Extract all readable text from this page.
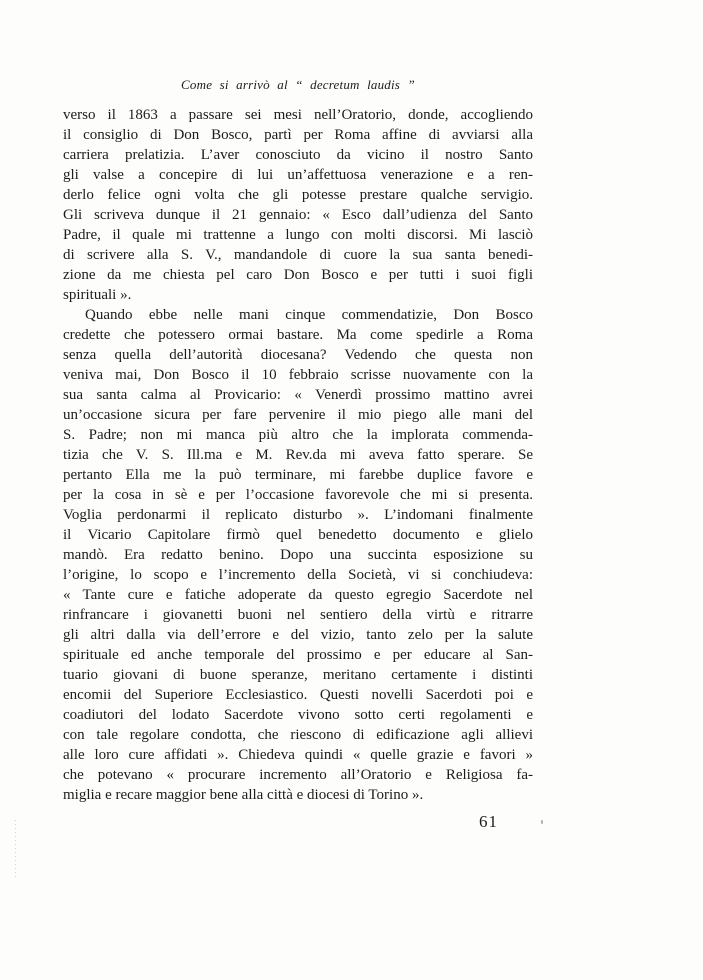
Come si arrivò al “ decretum laudis ”
verso il 1863 a passare sei mesi nell’Oratorio, donde, accogliendo
il consiglio di Don Bosco, partì per Roma affine di avviarsi alla
carriera prelatizia. L’aver conosciuto da vicino il nostro Santo
gli valse a concepire di lui un’affettuosa venerazione e a ren-
derlo felice ogni volta che gli potesse prestare qualche servigio.
Gli scriveva dunque il 21 gennaio: « Esco dall’udienza del Santo
Padre, il quale mi trattenne a lungo con molti discorsi. Mi lasciò
di scrivere alla S. V., mandandole di cuore la sua santa benedi-
zione da me chiesta pel caro Don Bosco e per tutti i suoi figli
spirituali ».
Quando ebbe nelle mani cinque commendatizie, Don Bosco
credette che potessero ormai bastare. Ma come spedirle a Roma
senza quella dell’autorità diocesana? Vedendo che questa non
veniva mai, Don Bosco il 10 febbraio scrisse nuovamente con la
sua santa calma al Provicario: « Venerdì prossimo mattino avrei
un’occasione sicura per fare pervenire il mio piego alle mani del
S. Padre; non mi manca più altro che la implorata commenda-
tizia che V. S. Ill.ma e M. Rev.da mi aveva fatto sperare. Se
pertanto Ella me la può terminare, mi farebbe duplice favore e
per la cosa in sè e per l’occasione favorevole che mi si presenta.
Voglia perdonarmi il replicato disturbo ». L’indomani finalmente
il Vicario Capitolare firmò quel benedetto documento e glielo
mandò. Era redatto benino. Dopo una succinta esposizione su
l’origine, lo scopo e l’incremento della Società, vi si conchiudeva:
« Tante cure e fatiche adoperate da questo egregio Sacerdote nel
rinfrancare i giovanetti buoni nel sentiero della virtù e ritrarre
gli altri dalla via dell’errore e del vizio, tanto zelo per la salute
spirituale ed anche temporale del prossimo e per educare al San-
tuario giovani di buone speranze, meritano certamente i distinti
encomii del Superiore Ecclesiastico. Questi novelli Sacerdoti poi e
coadiutori del lodato Sacerdote vivono sotto certi regolamenti e
con tale regolare condotta, che riescono di edificazione agli allievi
alle loro cure affidati ». Chiedeva quindi « quelle grazie e favori »
che potevano « procurare incremento all’Oratorio e Religiosa fa-
miglia e recare maggior bene alla città e diocesi di Torino ».
61
